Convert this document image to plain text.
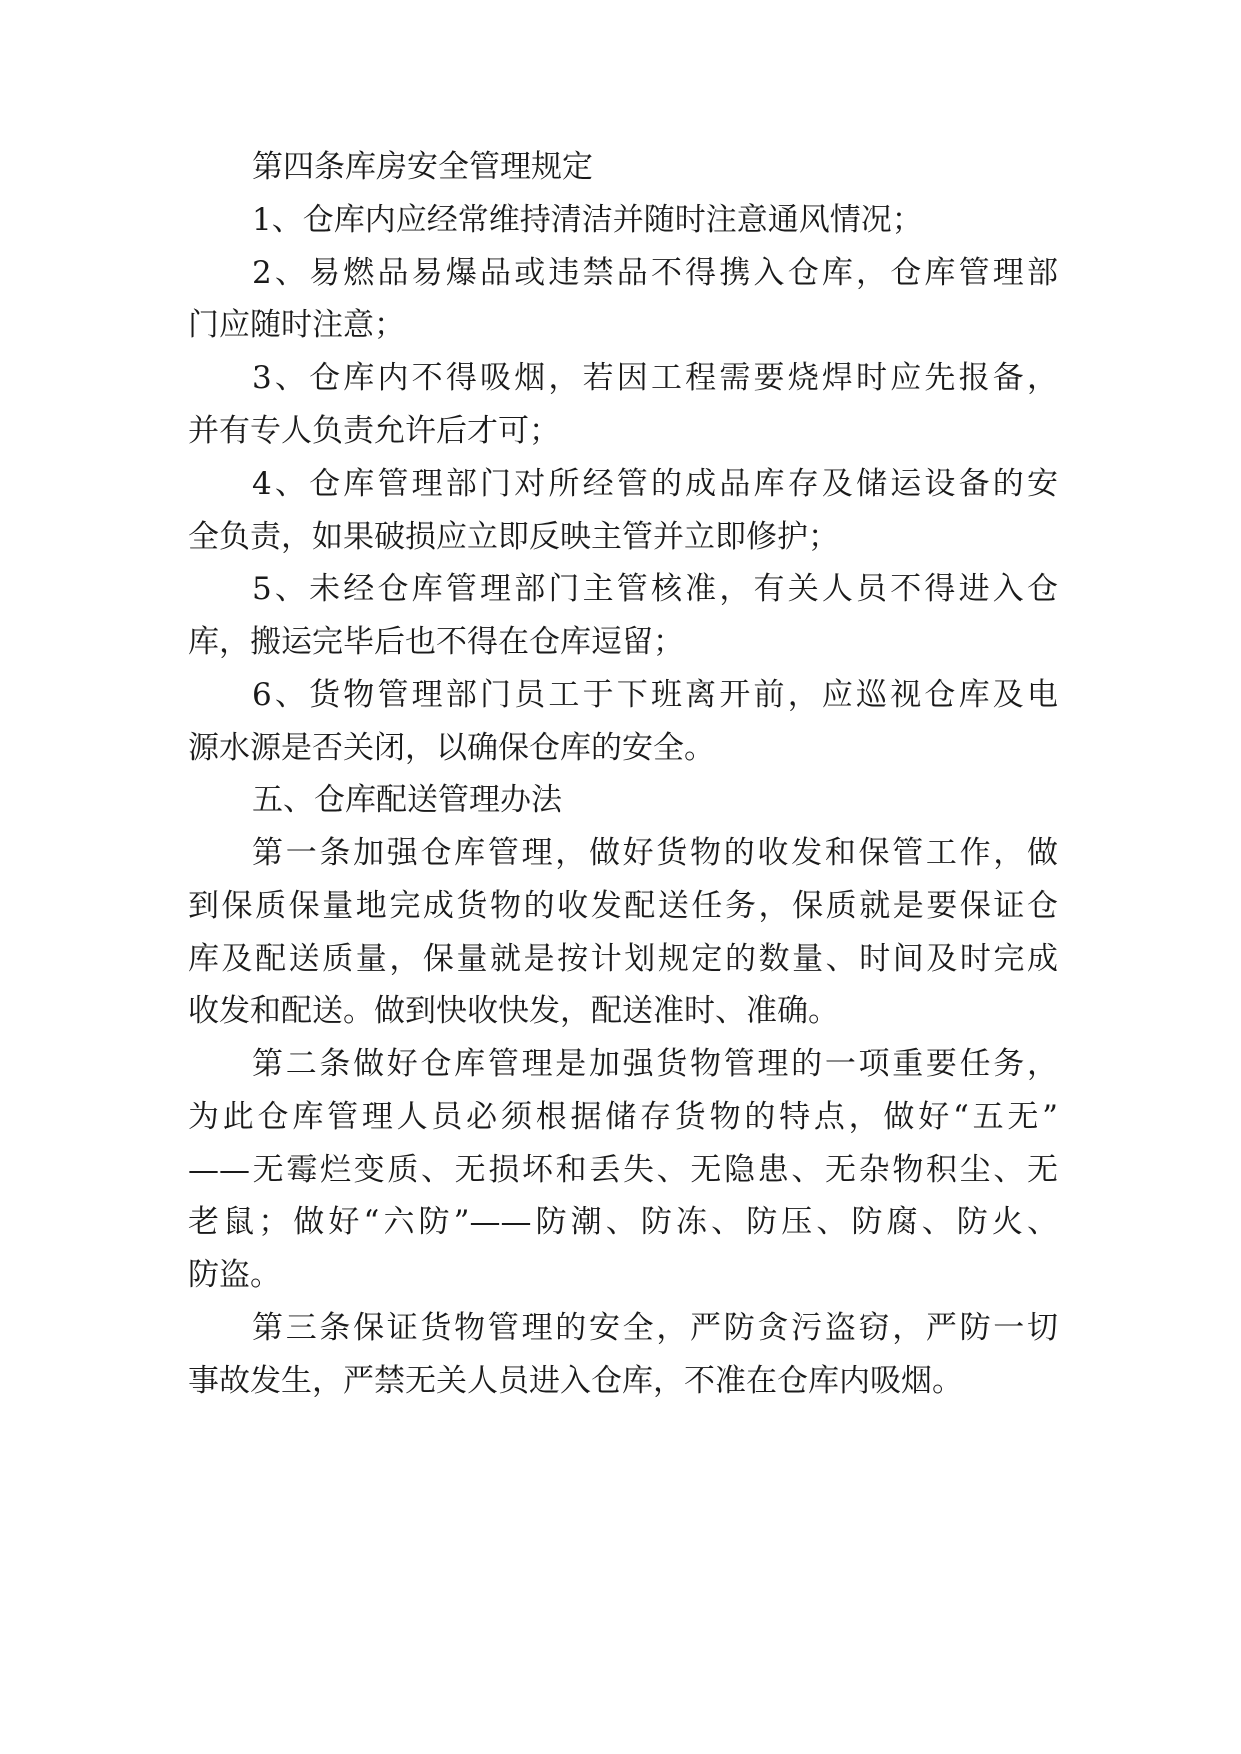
第四条库房安全管理规定
1、仓库内应经常维持清洁并随时注意通风情况；
2、易燃品易爆品或违禁品不得携入仓库，仓库管理部
门应随时注意；
3、仓库内不得吸烟，若因工程需要烧焊时应先报备，
并有专人负责允许后才可；
4、仓库管理部门对所经管的成品库存及储运设备的安
全负责，如果破损应立即反映主管并立即修护；
5、未经仓库管理部门主管核准，有关人员不得进入仓
库，搬运完毕后也不得在仓库逗留；
6、货物管理部门员工于下班离开前，应巡视仓库及电
源水源是否关闭，以确保仓库的安全。
五、仓库配送管理办法
第一条加强仓库管理，做好货物的收发和保管工作，做
到保质保量地完成货物的收发配送任务，保质就是要保证仓
库及配送质量，保量就是按计划规定的数量、时间及时完成
收发和配送。做到快收快发，配送准时、准确。
第二条做好仓库管理是加强货物管理的一项重要任务，
为此仓库管理人员必须根据储存货物的特点，做好“五无”
——无霉烂变质、无损坏和丢失、无隐患、无杂物积尘、无
老鼠；做好“六防”——防潮、防冻、防压、防腐、防火、
防盗。
第三条保证货物管理的安全，严防贪污盗窃，严防一切
事故发生，严禁无关人员进入仓库，不准在仓库内吸烟。
